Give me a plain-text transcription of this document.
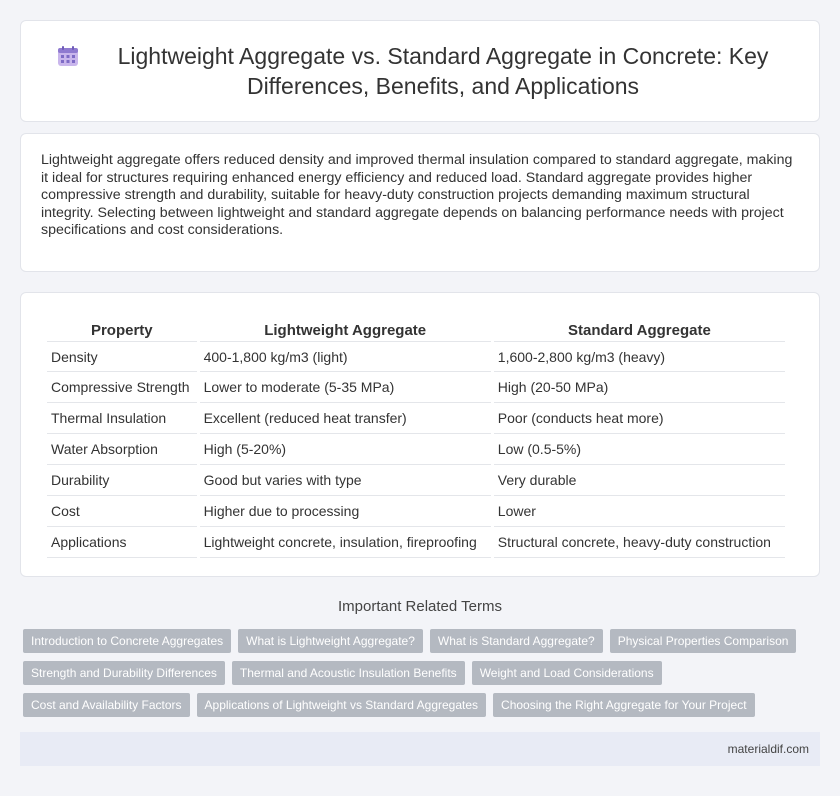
Lightweight Aggregate vs. Standard Aggregate in Concrete: Key Differences, Benefits, and Applications

Lightweight aggregate offers reduced density and improved thermal insulation compared to standard aggregate, making it ideal for structures requiring enhanced energy efficiency and reduced load. Standard aggregate provides higher compressive strength and durability, suitable for heavy-duty construction projects demanding maximum structural integrity. Selecting between lightweight and standard aggregate depends on balancing performance needs with project specifications and cost considerations.

Property	Lightweight Aggregate	Standard Aggregate
Density	400-1,800 kg/m3 (light)	1,600-2,800 kg/m3 (heavy)
Compressive Strength	Lower to moderate (5-35 MPa)	High (20-50 MPa)
Thermal Insulation	Excellent (reduced heat transfer)	Poor (conducts heat more)
Water Absorption	High (5-20%)	Low (0.5-5%)
Durability	Good but varies with type	Very durable
Cost	Higher due to processing	Lower
Applications	Lightweight concrete, insulation, fireproofing	Structural concrete, heavy-duty construction
Important Related Terms
Introduction to Concrete Aggregates	What is Lightweight Aggregate?	What is Standard Aggregate?	Physical Properties Comparison
Strength and Durability Differences	Thermal and Acoustic Insulation Benefits	Weight and Load Considerations
Cost and Availability Factors	Applications of Lightweight vs Standard Aggregates	Choosing the Right Aggregate for Your Project
materialdif.com
